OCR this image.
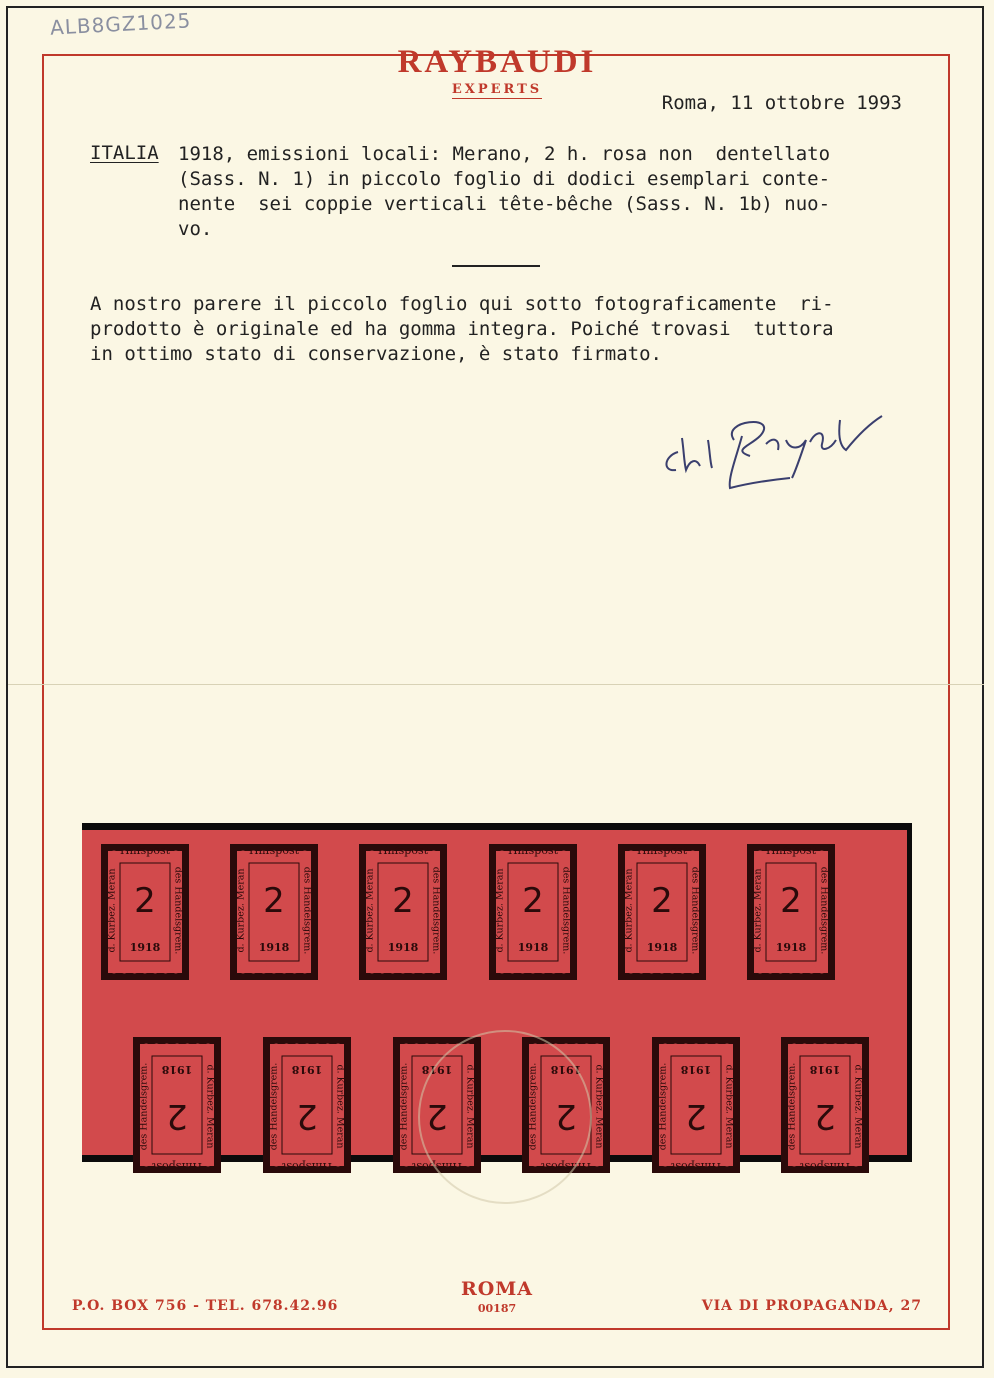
ALB8GZ1025
RAYBAUDI
EXPERTS
Roma, 11 ottobre 1993
ITALIA 1918, emissioni locali: Merano, 2 h. rosa non  dentellato
(Sass. N. 1) in piccolo foglio di dodici esemplari conte-
nente  sei coppie verticali tête-bêche (Sass. N. 1b) nuo-
vo.
A nostro parere il piccolo foglio qui sotto fotograficamente  ri-
prodotto è originale ed ha gomma integra. Poiché trovasi  tuttora
in ottimo stato di conservazione, è stato firmato.
Hilfspost
d. Kurbez. Meran	des Handelsgrem.
2
1918
Hilfspost
d. Kurbez. Meran	des Handelsgrem.
2
1918
Hilfspost
d. Kurbez. Meran	des Handelsgrem.
2
1918
Hilfspost
d. Kurbez. Meran	des Handelsgrem.
2
1918
Hilfspost
d. Kurbez. Meran	des Handelsgrem.
2
1918
Hilfspost
d. Kurbez. Meran	des Handelsgrem.
2
1918
Hilfspost
d. Kurbez. Meran
des Handelsgrem. 2
1918
Hilfspost
d. Kurbez. Meran
des Handelsgrem. 2
1918
Hilfspost
d. Kurbez. Meran
des Handelsgrem. 2
1918
Hilfspost
d. Kurbez. Meran
des Handelsgrem. 2
1918
Hilfspost
d. Kurbez. Meran
des Handelsgrem. 2
1918
Hilfspost
d. Kurbez. Meran
des Handelsgrem. 2
1918
P.O. BOX 756 - TEL. 678.42.96
ROMA
00187	VIA DI PROPAGANDA, 27
